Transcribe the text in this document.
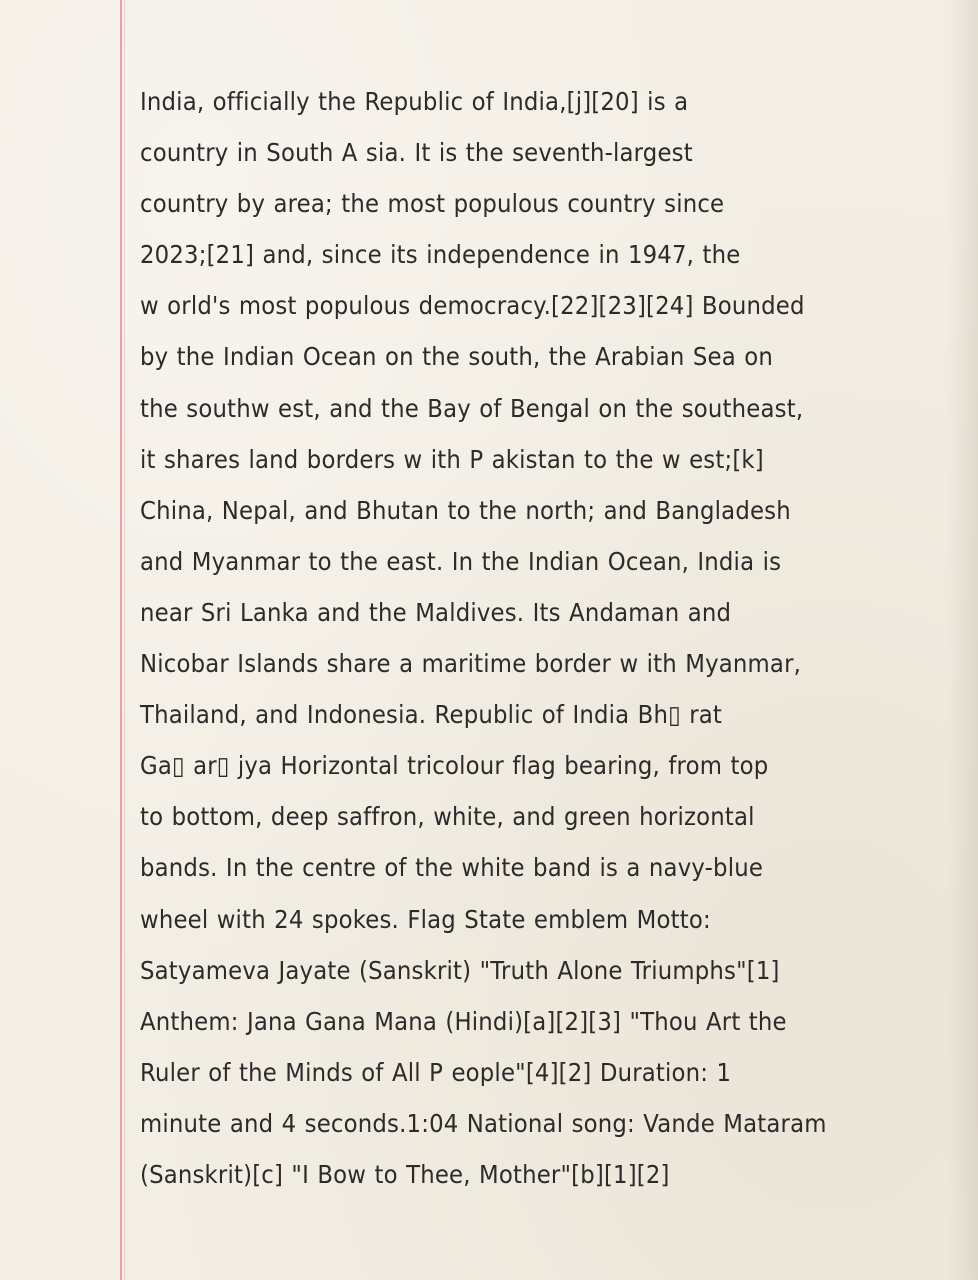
India, officially the Republic of India,[j][20] is a
country in South A sia. It is the seventh-largest
country by area; the most populous country since
2023;[21] and, since its independence in 1947, the
w orld's most populous democracy.[22][23][24] Bounded
by the Indian Ocean on the south, the Arabian Sea on
the southw est, and the Bay of Bengal on the southeast,
it shares land borders w ith P akistan to the w est;[k]
China, Nepal, and Bhutan to the north; and Bangladesh
and Myanmar to the east. In the Indian Ocean, India is
near Sri Lanka and the Maldives. Its Andaman and
Nicobar Islands share a maritime border w ith Myanmar,
Thailand, and Indonesia. Republic of India Bh▯ rat
Ga▯ ar▯ jya Horizontal tricolour flag bearing, from top
to bottom, deep saffron, white, and green horizontal
bands. In the centre of the white band is a navy-blue
wheel with 24 spokes. Flag State emblem Motto:
Satyameva Jayate (Sanskrit) "Truth Alone Triumphs"[1]
Anthem: Jana Gana Mana (Hindi)[a][2][3] "Thou Art the
Ruler of the Minds of All P eople"[4][2] Duration: 1
minute and 4 seconds.1:04 National song: Vande Mataram
(Sanskrit)[c] "I Bow to Thee, Mother"[b][1][2]
